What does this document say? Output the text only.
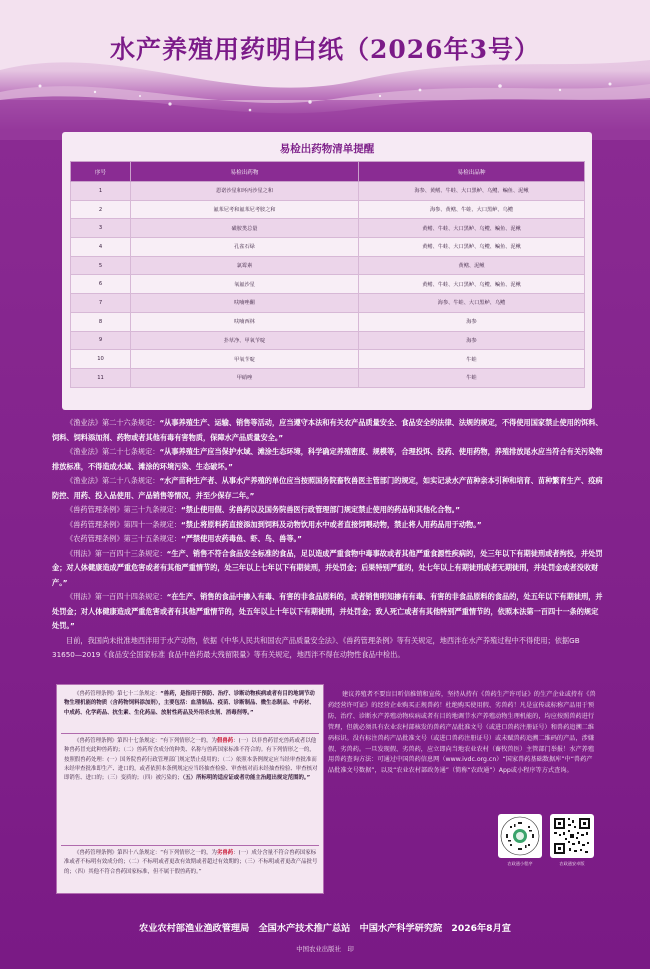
水产养殖用药明白纸（2026年3号）
易检出药物清单提醒
序号	易检出药物	易检出品种
1	恩诺沙星和环丙沙星之和	海参、黄鳝、牛蛙、大口黑鲈、乌鳢、鳊鱼、泥鳅
2	氟苯尼考和氟苯尼考胺之和	海参、黄鳝、牛蛙、大口黑鲈、乌鳢
3	磺胺类总量	黄鳝、牛蛙、大口黑鲈、乌鳢、鳊鱼、泥鳅
4	孔雀石绿	黄鳝、牛蛙、大口黑鲈、乌鳢、鳊鱼、泥鳅
5	氯霉素	黄鳝、泥鳅
6	氧氟沙星	黄鳝、牛蛙、大口黑鲈、乌鳢、鳊鱼、泥鳅
7	呋喃唑酮	海参、牛蛙、大口黑鲈、乌鳢
8	呋喃西林	海参
9	扑草净、甲氧苄啶	海参
10	甲氧苄啶	牛蛙
11	甲硝唑	牛蛙

《渔业法》第二十六条规定：“从事养殖生产、运输、销售等活动，应当遵守本法和有关农产品质量安全、食品安全的法律、法规的规定，不得使用国家禁止使用的饵料、饲料、饲料添加剂、药物或者其他有毒有害物质，保障水产品质量安全。”

《渔业法》第二十七条规定：“从事养殖生产应当保护水域、滩涂生态环境，科学确定养殖密度、规模等，合理投饵、投药、使用药物，养殖排放尾水应当符合有关污染物排放标准，不得造成水域、滩涂的环境污染、生态破坏。”

《渔业法》第二十八条规定：“水产苗种生产者、从事水产养殖的单位应当按照国务院畜牧兽医主管部门的规定，如实记录水产苗种亲本引种和培育、苗种繁育生产、疫病防控、用药、投入品使用、产品销售等情况，并至少保存二年。”

《兽药管理条例》第三十九条规定：“禁止使用假、劣兽药以及国务院兽医行政管理部门规定禁止使用的药品和其他化合物。”

《兽药管理条例》第四十一条规定：“禁止将原料药直接添加到饲料及动物饮用水中或者直接饲喂动物，禁止将人用药品用于动物。”

《农药管理条例》第三十五条规定：“严禁使用农药毒鱼、虾、鸟、兽等。”

《刑法》第一百四十三条规定：“生产、销售不符合食品安全标准的食品，足以造成严重食物中毒事故或者其他严重食源性疾病的，处三年以下有期徒刑或者拘役，并处罚金；对人体健康造成严重危害或者有其他严重情节的，处三年以上七年以下有期徒刑，并处罚金；后果特别严重的，处七年以上有期徒刑或者无期徒刑，并处罚金或者没收财产。”

《刑法》第一百四十四条规定：“在生产、销售的食品中掺入有毒、有害的非食品原料的，或者销售明知掺有有毒、有害的非食品原料的食品的，处五年以下有期徒刑，并处罚金；对人体健康造成严重危害或者有其他严重情节的，处五年以上十年以下有期徒刑，并处罚金；致人死亡或者有其他特别严重情节的，依照本法第一百四十一条的规定处罚。”

目前，我国尚未批准地西泮用于水产动物，依据《中华人民共和国农产品质量安全法》、《兽药管理条例》等有关规定，地西泮在水产养殖过程中不得使用；依据GB 31650—2019《食品安全国家标准 食品中兽药最大残留限量》等有关规定，地西泮不得在动物性食品中检出。

《兽药管理条例》第七十二条规定：“兽药，是指用于预防、治疗、诊断动物疾病或者有目的地调节动物生理机能的物质（含药物饲料添加剂），主要包括：血清制品、疫苗、诊断制品、微生态制品、中药材、中成药、化学药品、抗生素、生化药品、放射性药品及外用杀虫剂、消毒剂等。”

《兽药管理条例》第四十七条规定：“有下列情形之一的，为假兽药：(一）以非兽药冒充兽药或者以他种兽药冒充此种兽药的；（二）兽药所含成分的种类、名称与兽药国家标准不符合的。有下列情形之一的，按照假兽药处理：(一）国务院兽药行政管理部门规定禁止使用的；（二）依照本条例规定应当经审查批准而未经审查批准即生产、进口的，或者依照本条例规定应当经抽查检验、审查核对而未经抽查检验、审查核对即销售、进口的；（三）变质的；（四）被污染的；（五）所标明的适应证或者功能主治超出规定范围的。”

《兽药管理条例》第四十八条规定：“有下列情形之一的，为劣兽药：(一）成分含量不符合兽药国家标准或者不标明有效成分的；（二）不标明或者更改有效期或者超过有效期的；（三）不标明或者更改产品批号的；（四）其他不符合兽药国家标准，但不属于假兽药的。”

建议养殖者不要盲目听信推销和宣传，坚持从持有《兽药生产许可证》的生产企业或持有《兽药经营许可证》的经营企业购买正规兽药！杜绝购买使用假、劣兽药！凡是宣传或标称产品用于预防、治疗、诊断水产养殖动物疾病或者有目的地调节水产养殖动物生理机能的，均应按照兽药进行管理，但就必须具有农业农村部核发的兽药产品批准文号（或进口兽药注册证号）和兽药追溯二维码标识。没有标注兽药产品批准文号（或进口兽药注册证号）或未赋兽药追溯二维码的产品，涉嫌假、劣兽药。一旦发现假、劣兽药，应立即向当地农业农村（畜牧兽医）主管部门举报！水产养殖用兽药查询方法：可通过中国兽药信息网（www.ivdc.org.cn）“国家兽药基础数据库”中“兽药产品批准文号数据”，以及“农业农村部政务通”（简称“农政通”）App或小程序等方式查询。

农政通小程序	农政通安卓版
农业农村部渔业渔政管理局　全国水产技术推广总站　中国水产科学研究院　2026年8月宣
中国农业出版社　印
